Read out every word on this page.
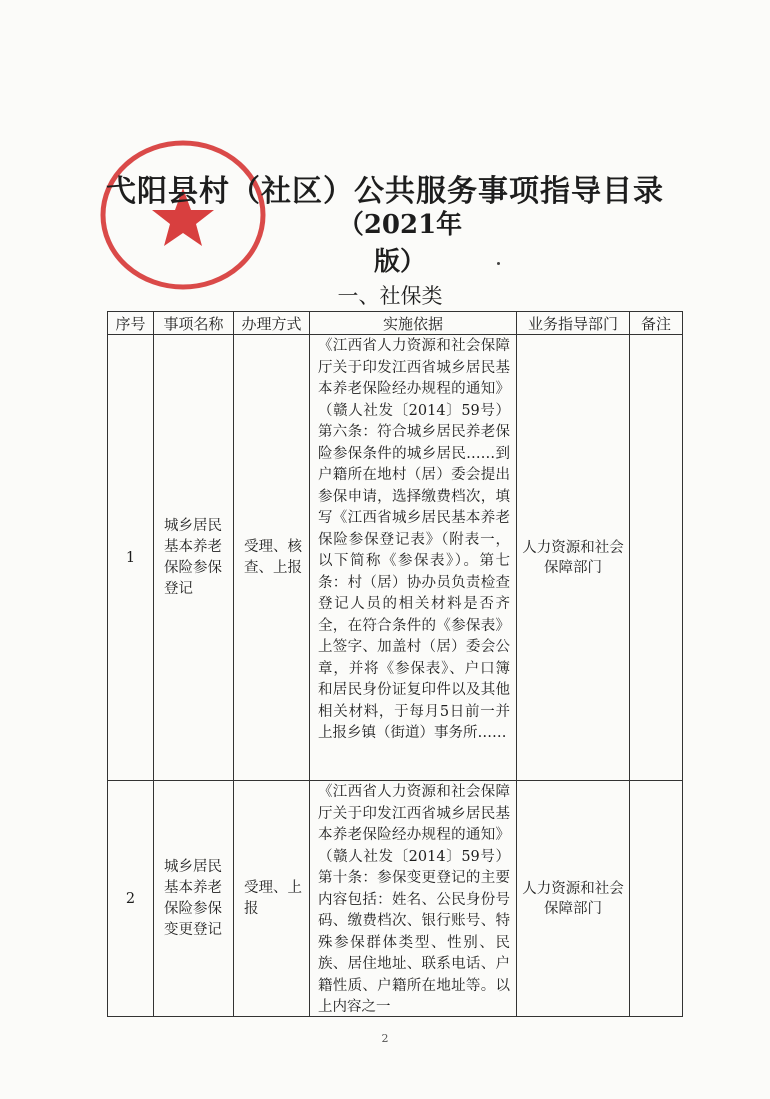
弋阳县村（社区）公共服务事项指导目录
（2021年版）
一、社保类
序号	事项名称	办理方式	实施依据	业务指导部门	备注
1	城乡居民基本养老保险参保登记	受理、核查、上报	《江西省人力资源和社会保障厅关于印发江西省城乡居民基本养老保险经办规程的通知》（赣人社发〔2014〕59号）第六条：符合城乡居民养老保险参保条件的城乡居民……到户籍所在地村（居）委会提出参保申请，选择缴费档次，填写《江西省城乡居民基本养老保险参保登记表》（附表一，以下简称《参保表》）。第七条：村（居）协办员负责检查登记人员的相关材料是否齐全，在符合条件的《参保表》上签字、加盖村（居）委会公章，并将《参保表》、户口簿和居民身份证复印件以及其他相关材料，于每月5日前一并上报乡镇（街道）事务所……	人力资源和社会保障部门	
2	城乡居民基本养老保险参保变更登记	受理、上报	《江西省人力资源和社会保障厅关于印发江西省城乡居民基本养老保险经办规程的通知》（赣人社发〔2014〕59号）第十条：参保变更登记的主要内容包括：姓名、公民身份号码、缴费档次、银行账号、特殊参保群体类型、性别、民族、居住地址、联系电话、户籍性质、户籍所在地址等。以上内容之一	人力资源和社会保障部门	
2
